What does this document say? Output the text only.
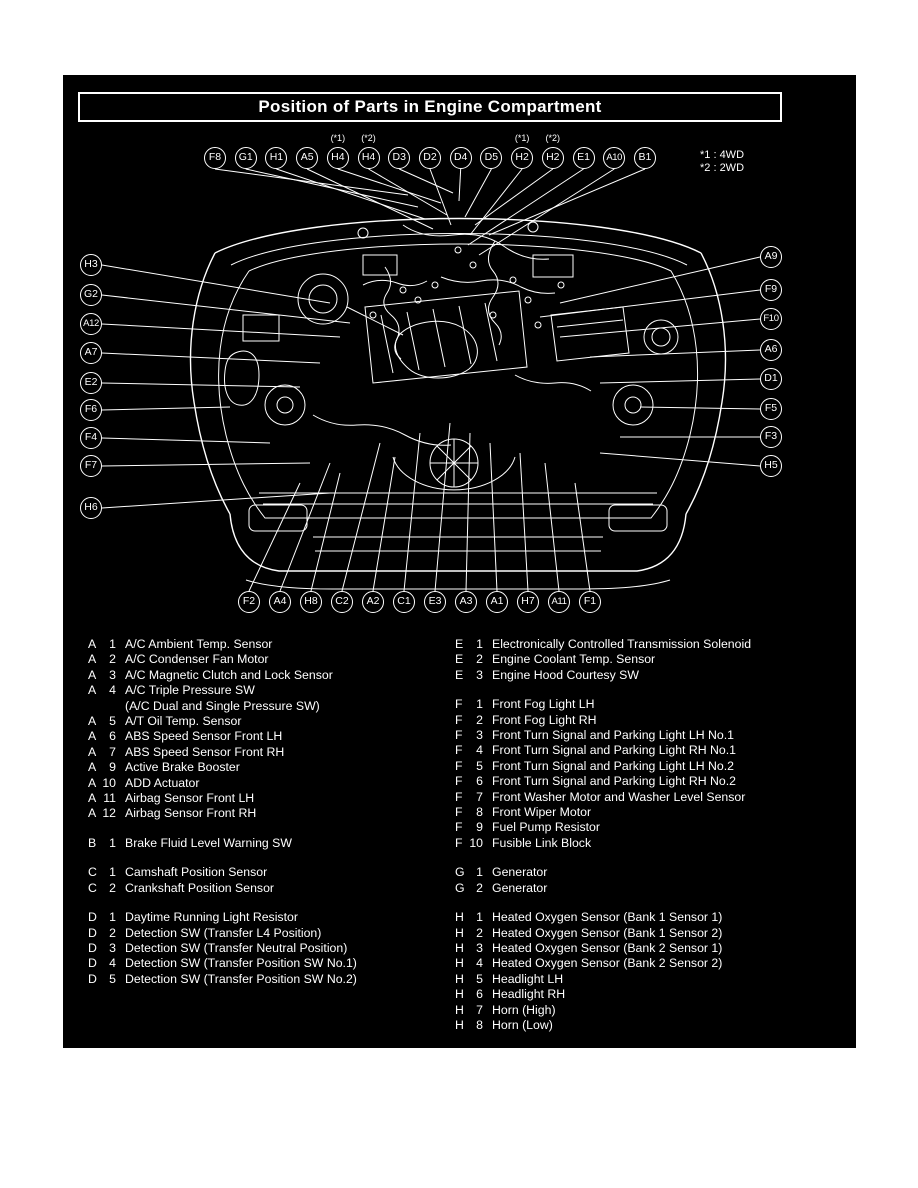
Position of Parts in Engine Compartment
*1 : 4WD
*2 : 2WD
A 1 A/C Ambient Temp. Sensor
A 2 A/C Condenser Fan Motor
A 3 A/C Magnetic Clutch and Lock Sensor
A 4 A/C Triple Pressure SW
(A/C Dual and Single Pressure SW)
A 5 A/T Oil Temp. Sensor
A 6 ABS Speed Sensor Front LH
A 7 ABS Speed Sensor Front RH
A 9 Active Brake Booster
A 10 ADD Actuator
A 11 Airbag Sensor Front LH
A 12 Airbag Sensor Front RH
B 1 Brake Fluid Level Warning SW
C 1 Camshaft Position Sensor
C 2 Crankshaft Position Sensor
D 1 Daytime Running Light Resistor
D 2 Detection SW (Transfer L4 Position)
D 3 Detection SW (Transfer Neutral Position)
D 4 Detection SW (Transfer Position SW No.1)
D 5 Detection SW (Transfer Position SW No.2)
E 1 Electronically Controlled Transmission Solenoid
E 2 Engine Coolant Temp. Sensor
E 3 Engine Hood Courtesy SW
F 1 Front Fog Light LH
F 2 Front Fog Light RH
F 3 Front Turn Signal and Parking Light LH No.1
F 4 Front Turn Signal and Parking Light RH No.1
F 5 Front Turn Signal and Parking Light LH No.2
F 6 Front Turn Signal and Parking Light RH No.2
F 7 Front Washer Motor and Washer Level Sensor
F 8 Front Wiper Motor
F 9 Fuel Pump Resistor
F 10 Fusible Link Block
G 1 Generator
G 2 Generator
H 1 Heated Oxygen Sensor (Bank 1 Sensor 1)
H 2 Heated Oxygen Sensor (Bank 1 Sensor 2)
H 3 Heated Oxygen Sensor (Bank 2 Sensor 1)
H 4 Heated Oxygen Sensor (Bank 2 Sensor 2)
H 5 Headlight LH
H 6 Headlight RH
H 7 Horn (High)
H 8 Horn (Low)
F8	G1	H1	A5	H4	H4	D3	D2	D4	D5	H2	H2	E1	A10	B1
F2	A4	H8	C2	A2	C1	E3	A3	A1	H7	A11	F1
H3
G2
A12
A7
E2
F6
F4
F7
H6
A9
F9
F10
A6
D1
F5
F3
H5
(*1)	(*2)	(*1)	(*2)
